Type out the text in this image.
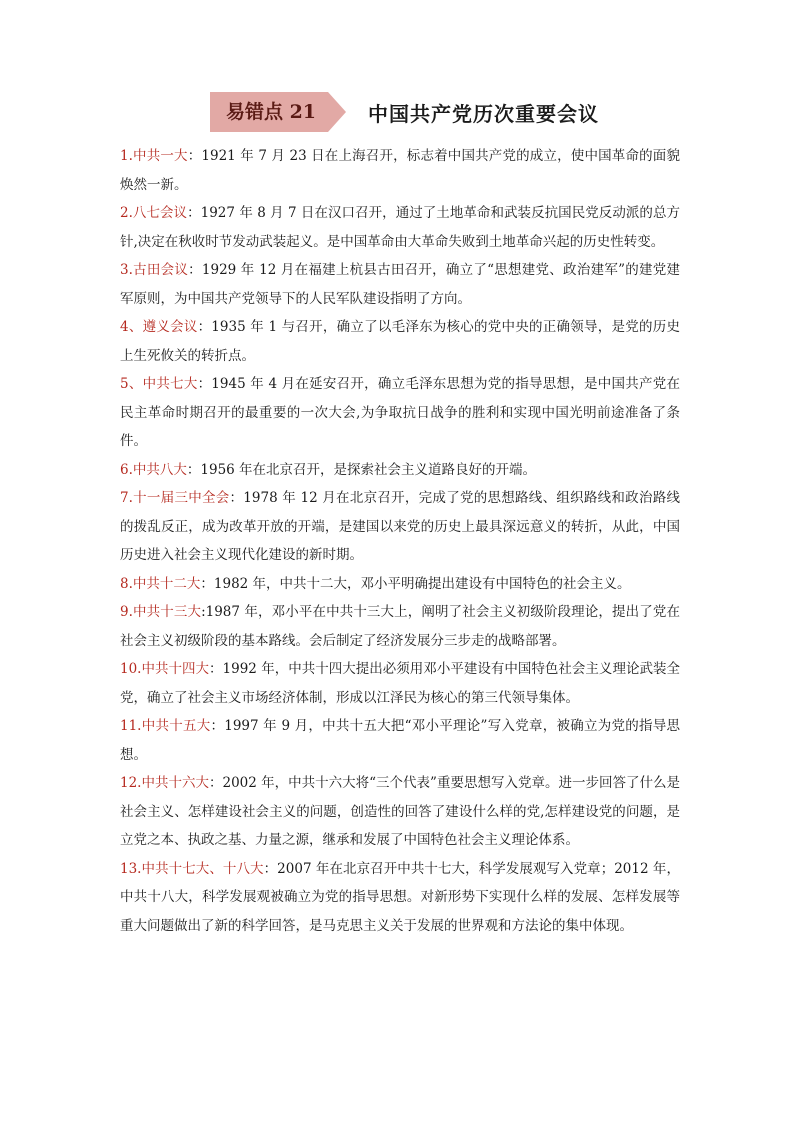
易错点 21	中国共产党历次重要会议

1.中共一大：1921 年 7 月 23 日在上海召开，标志着中国共产党的成立，使中国革命的面貌焕然一新。

2.八七会议：1927 年 8 月 7 日在汉口召开，通过了土地革命和武装反抗国民党反动派的总方针,决定在秋收时节发动武装起义。是中国革命由大革命失败到土地革命兴起的历史性转变。

3.古田会议：1929 年 12 月在福建上杭县古田召开，确立了“思想建党、政治建军”的建党建军原则，为中国共产党领导下的人民军队建设指明了方向。

4、遵义会议：1935 年 1 与召开，确立了以毛泽东为核心的党中央的正确领导，是党的历史上生死攸关的转折点。

5、中共七大：1945 年 4 月在延安召开，确立毛泽东思想为党的指导思想，是中国共产党在民主革命时期召开的最重要的一次大会,为争取抗日战争的胜利和实现中国光明前途准备了条件。

6.中共八大：1956 年在北京召开，是探索社会主义道路良好的开端。

7.十一届三中全会：1978 年 12 月在北京召开，完成了党的思想路线、组织路线和政治路线的拨乱反正，成为改革开放的开端，是建国以来党的历史上最具深远意义的转折，从此，中国历史进入社会主义现代化建设的新时期。

8.中共十二大：1982 年，中共十二大，邓小平明确提出建设有中国特色的社会主义。

9.中共十三大:1987 年，邓小平在中共十三大上，阐明了社会主义初级阶段理论，提出了党在社会主义初级阶段的基本路线。会后制定了经济发展分三步走的战略部署。

10.中共十四大：1992 年，中共十四大提出必须用邓小平建设有中国特色社会主义理论武装全党，确立了社会主义市场经济体制，形成以江泽民为核心的第三代领导集体。

11.中共十五大：1997 年 9 月，中共十五大把“邓小平理论”写入党章，被确立为党的指导思想。

12.中共十六大：2002 年，中共十六大将“三个代表”重要思想写入党章。进一步回答了什么是社会主义、怎样建设社会主义的问题，创造性的回答了建设什么样的党,怎样建设党的问题，是立党之本、执政之基、力量之源，继承和发展了中国特色社会主义理论体系。

13.中共十七大、十八大：2007 年在北京召开中共十七大，科学发展观写入党章；2012 年，中共十八大，科学发展观被确立为党的指导思想。对新形势下实现什么样的发展、怎样发展等重大问题做出了新的科学回答，是马克思主义关于发展的世界观和方法论的集中体现。
